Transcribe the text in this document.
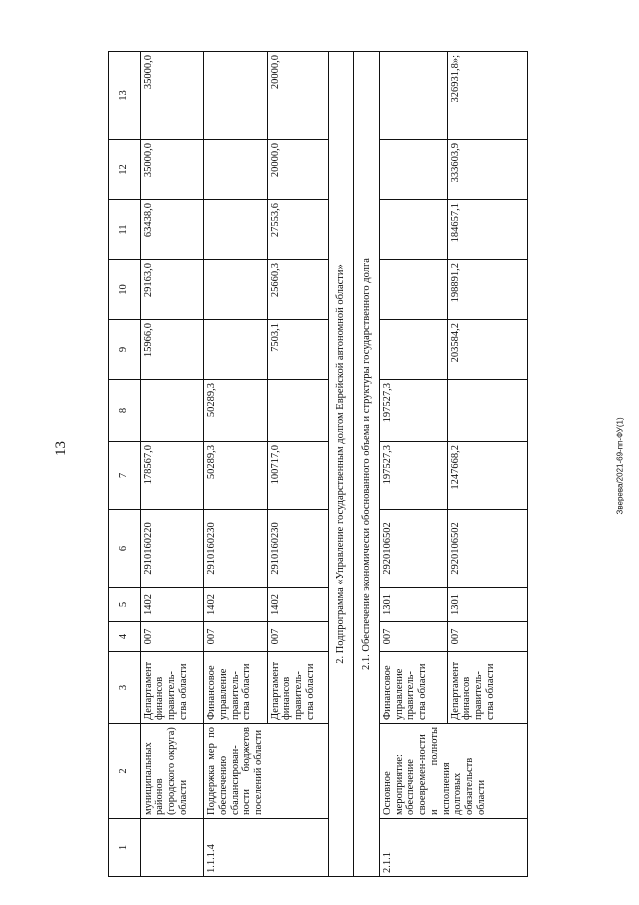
13	Зверева/2021-69-пп-ФУ(1)
1	2	3	4	5	6	7	8	9	10	11	12	13
	муниципальных районов (городского округа) области	Департамент финансов правитель-ства области	007	1402	2910160220	178567,0		15966,0	29163,0	63438,0	35000,0	35000,0
1.1.1.4	Поддержка мер по обеспечению сбалансирован-ности бюджетов поселений области	Финансовое управление правитель-ства области	007	1402	2910160230	50289,3	50289,3					
		Департамент финансов правитель-ства области	007	1402	2910160230	100717,0		7503,1	25660,3	27553,6	20000,0	20000,0
2. Подпрограмма «Управление государственным долгом Еврейской автономной области»												
2.1. Обеспечение экономически обоснованного объема и структуры государственного долга												
2.1.1	Основное мероприятие: обеспечение своевремен-ности и полноты исполнения долговых обязательств области	Финансовое управление правитель-ства области	007	1301	2920106502	197527,3	197527,3					
		Департамент финансов правитель-ства области	007	1301	2920106502	1247668,2		203584,2	198891,2	184657,1	333603,9	326931,8»;
